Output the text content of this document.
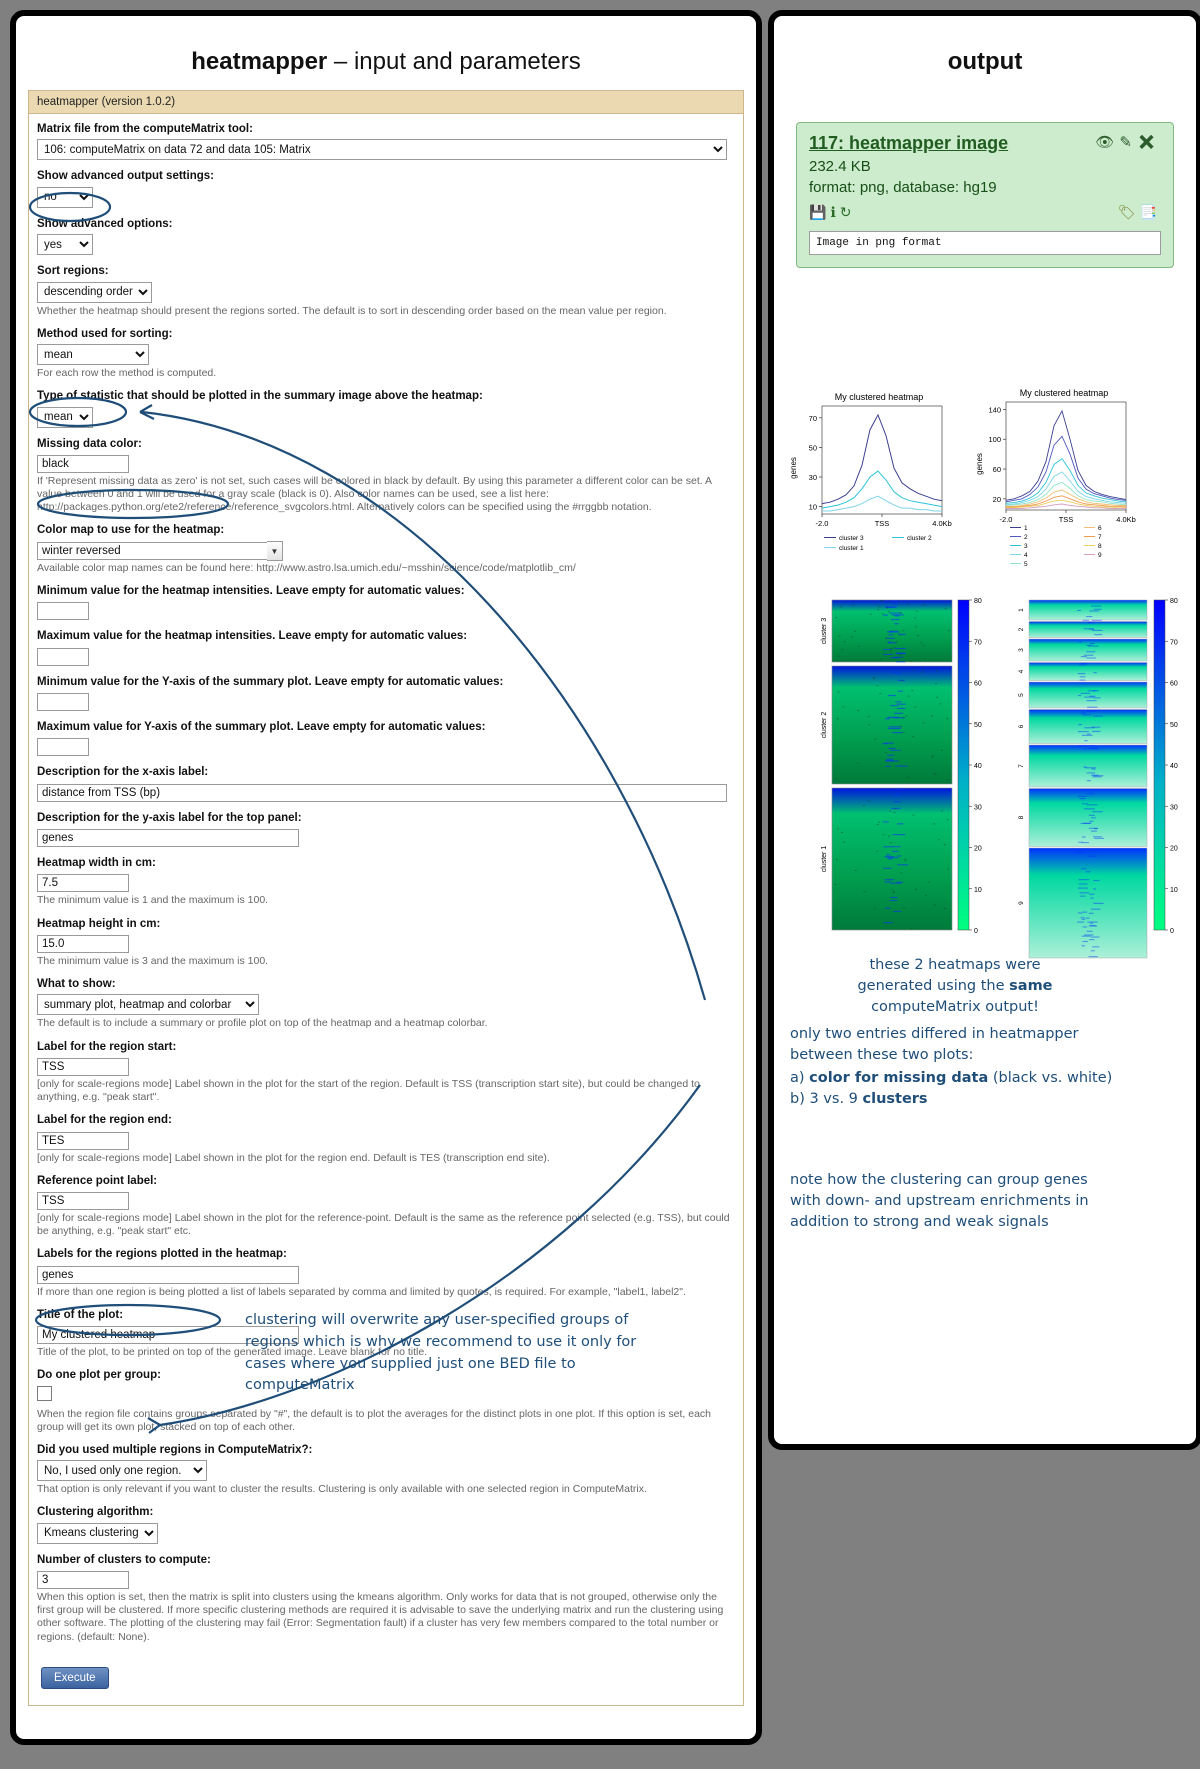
heatmapper – input and parameters
heatmapper (version 1.0.2)
Matrix file from the computeMatrix tool:
106: computeMatrix on data 72 and data 105: Matrix
Show advanced output settings:
no
Show advanced options:
yes
Sort regions:
descending order
Whether the heatmap should present the regions sorted. The default is to sort in descending order based on the mean value per region.
Method used for sorting:
mean
For each row the method is computed.
Type of statistic that should be plotted in the summary image above the heatmap:
mean
Missing data color:
black
If 'Represent missing data as zero' is not set, such cases will be colored in black by default. By using this parameter a different color can be set. A value between 0 and 1 will be used for a gray scale (black is 0). Also color names can be used, see a list here: http://packages.python.org/ete2/reference/reference_svgcolors.html. Alternatively colors can be specified using the #rrggbb notation.
Color map to use for the heatmap:
winter reversed
▼
Available color map names can be found here: http://www.astro.lsa.umich.edu/~msshin/science/code/matplotlib_cm/
Minimum value for the heatmap intensities. Leave empty for automatic values:
Maximum value for the heatmap intensities. Leave empty for automatic values:
Minimum value for the Y-axis of the summary plot. Leave empty for automatic values:
Maximum value for Y-axis of the summary plot. Leave empty for automatic values:
Description for the x-axis label:
distance from TSS (bp)
Description for the y-axis label for the top panel:
genes
Heatmap width in cm:
7.5
The minimum value is 1 and the maximum is 100.
Heatmap height in cm:
15.0
The minimum value is 3 and the maximum is 100.
What to show:
summary plot, heatmap and colorbar
The default is to include a summary or profile plot on top of the heatmap and a heatmap colorbar.
Label for the region start:
TSS
[only for scale-regions mode] Label shown in the plot for the start of the region. Default is TSS (transcription start site), but could be changed to anything, e.g. "peak start".
Label for the region end:
TES
[only for scale-regions mode] Label shown in the plot for the region end. Default is TES (transcription end site).
Reference point label:
TSS
[only for scale-regions mode] Label shown in the plot for the reference-point. Default is the same as the reference point selected (e.g. TSS), but could be anything, e.g. "peak start" etc.
Labels for the regions plotted in the heatmap:
genes
If more than one region is being plotted a list of labels separated by comma and limited by quotes, is required. For example, "label1, label2".
Title of the plot:
My clustered heatmap
Title of the plot, to be printed on top of the generated image. Leave blank for no title.
Do one plot per group:
When the region file contains groups separated by "#", the default is to plot the averages for the distinct plots in one plot. If this option is set, each group will get its own plot, stacked on top of each other.
Did you used multiple regions in ComputeMatrix?:
No, I used only one region.
That option is only relevant if you want to cluster the results. Clustering is only available with one selected region in ComputeMatrix.
Clustering algorithm:
Kmeans clustering
Number of clusters to compute:
3
When this option is set, then the matrix is split into clusters using the kmeans algorithm. Only works for data that is not grouped, otherwise only the first group will be clustered. If more specific clustering methods are required it is advisable to save the underlying matrix and run the clustering using other software. The plotting of the clustering may fail (Error: Segmentation fault) if a cluster has very few members compared to the total number or regions. (default: None).
Execute
output
👁✎✖
117: heatmapper image
232.4 KB
format: png, database: hg19
🏷📑
💾ℹ↻
Image in png format
My clustered heatmap
10
30
50
70
genes
-2.0	TSS	4.0Kb
cluster 3	cluster 2
cluster 1
cluster 3
cluster 2
cluster 1
0
10
20
30
40
50
60
70
80
My clustered heatmap
20
60
100
140
genes
-2.0	TSS	4.0Kb
1
2
3
4
5
6
7
8
9
1
2
3
4
5
6
7
8
9
0
10
20
30
40
50
60
70
80
these 2 heatmaps were
generated using the same
computeMatrix output!
only two entries differed in heatmapper between these two plots:
a) color for missing data (black vs. white)
b) 3 vs. 9 clusters
note how the clustering can group genes with down- and upstream enrichments in addition to strong and weak signals
clustering will overwrite any user-specified groups of regions which is why we recommend to use it only for cases where you supplied just one BED file to computeMatrix
